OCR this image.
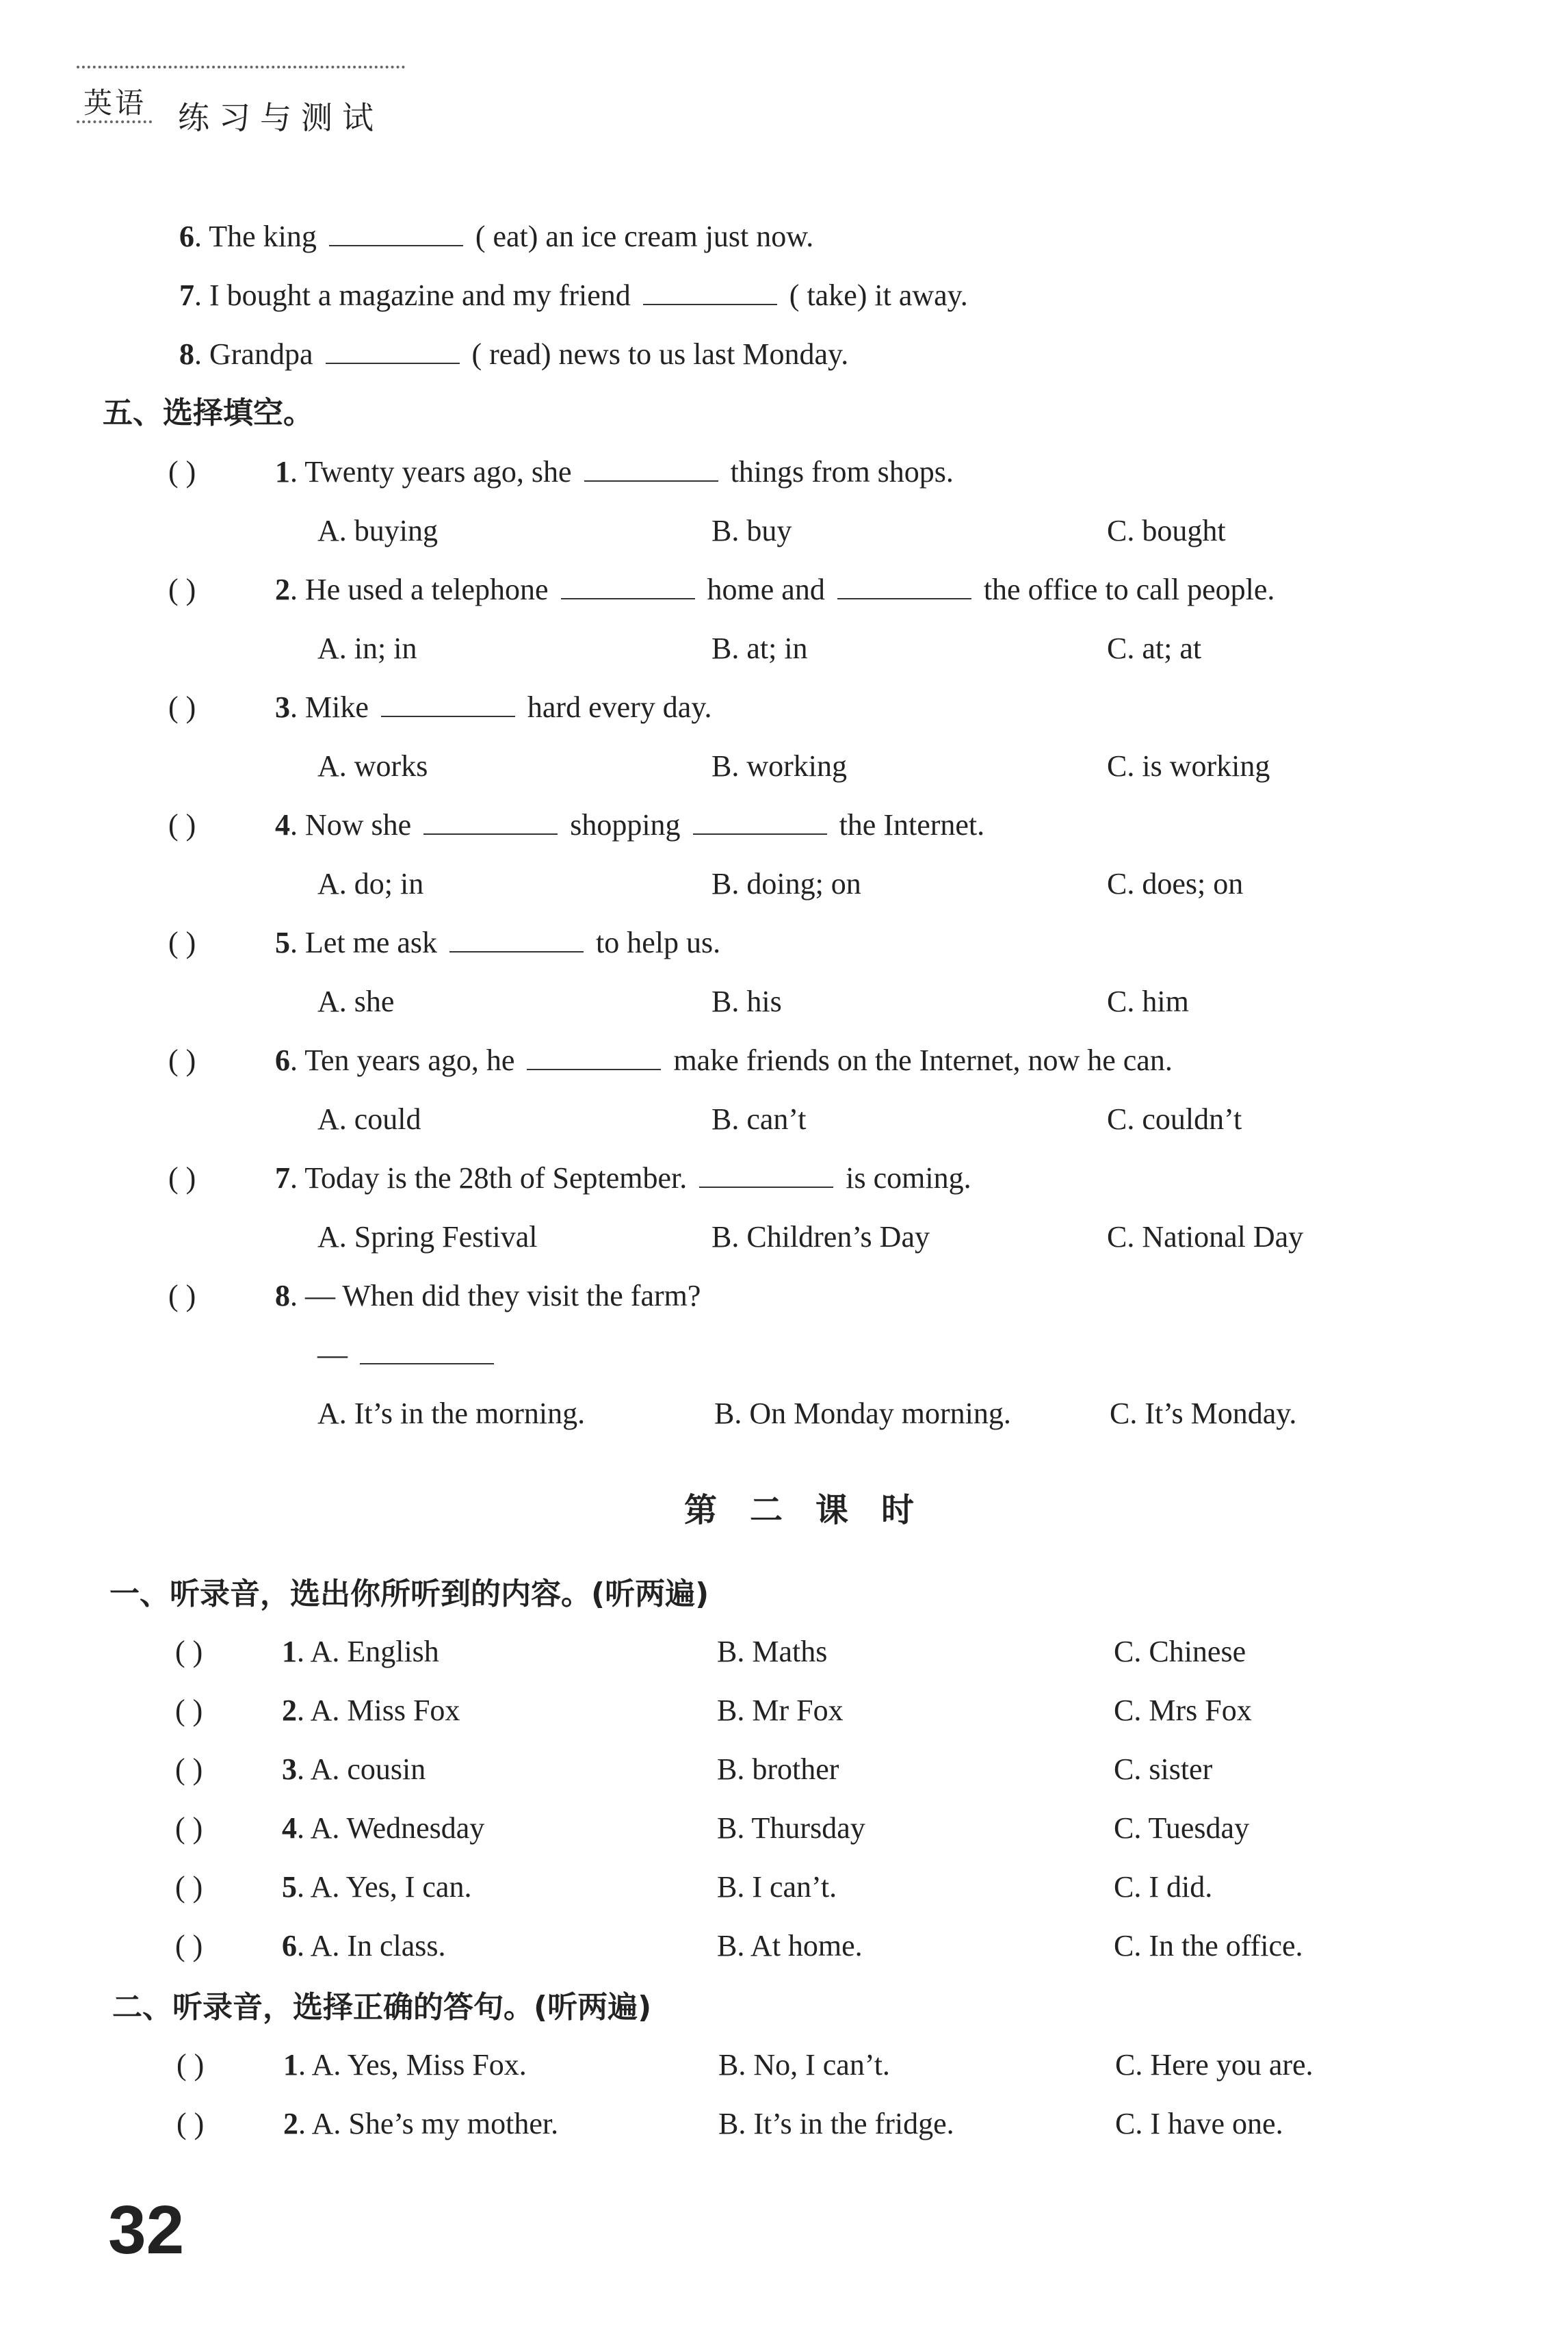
英语 练习与测试
6. The king	( eat) an ice cream just now.
7. I bought a magazine and my friend	( take) it away.
8. Grandpa	( read) news to us last Monday.
五、选择填空。
( )	1. Twenty years ago, she	things from shops.
A. buying	B. buy	C. bought
( )	2. He used a telephone	home and	the office to call people.
A. in; in	B. at; in	C. at; at
( )	3. Mike	hard every day.
A. works	B. working	C. is working
( )	4. Now she	shopping	the Internet.
A. do; in	B. doing; on	C. does; on
( )	5. Let me ask	to help us.
A. she	B. his	C. him
( )	6. Ten years ago, he	make friends on the Internet, now he can.
A. could	B. can’t	C. couldn’t
( )	7. Today is the 28th of September.	is coming.
A. Spring Festival	B. Children’s Day	C. National Day
( )	8. — When did they visit the farm?
—
A. It’s in the morning.	B. On Monday morning.	C. It’s Monday.
第二课时
一、听录音，选出你所听到的内容。(听两遍)
( )	1. A. English	B. Maths	C. Chinese
( )	2. A. Miss Fox	B. Mr Fox	C. Mrs Fox
( )	3. A. cousin	B. brother	C. sister
( )	4. A. Wednesday	B. Thursday	C. Tuesday
( )	5. A. Yes, I can.	B. I can’t.	C. I did.
( )	6. A. In class.	B. At home.	C. In the office.
二、听录音，选择正确的答句。(听两遍)
( )	1. A. Yes, Miss Fox.	B. No, I can’t.	C. Here you are.
( )	2. A. She’s my mother.	B. It’s in the fridge.	C. I have one.
32
